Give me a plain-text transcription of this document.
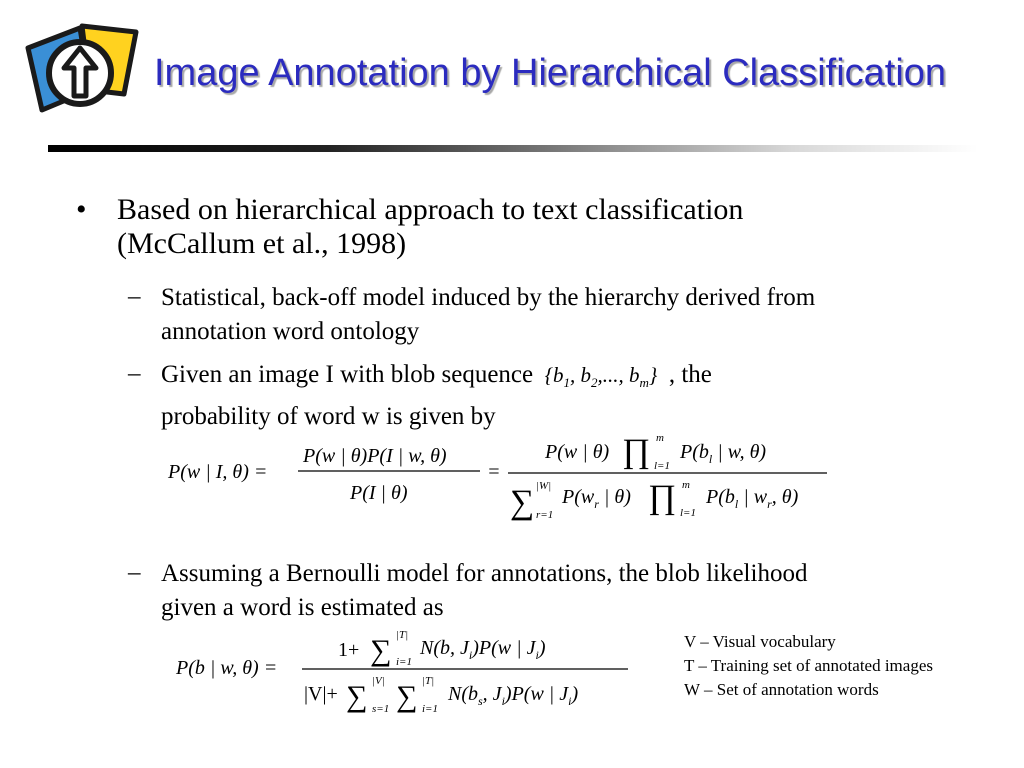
Image Annotation by Hierarchical Classification
• Based on hierarchical approach to text classification
(McCallum et al., 1998)
– Statistical, back-off model induced by the hierarchy derived from
annotation word ontology
– Given an image I with blob sequence  {$b_1$, $b_2$,..., $b_m$}  , the
probability of word w is given by
P(w | I, θ) =
P(w | θ)P(I | w, θ)
P(I | θ)
=
P(w | θ) ∏ m
l=1
$P(b_l$ | w, θ)
∑ |W|
r=1
$P(w_r$ | θ) ∏ m
l=1
$P(b_l$ | $w_r$, θ)
– Assuming a Bernoulli model for annotations, the blob likelihood
given a word is estimated as
P(b | w, θ) =
1+ ∑ |T|
i=1
N(b, $J_i)P(w$ | $J_i$)
|V|+ ∑ |V|
s=1 ∑ |T|
i=1
$N(b_s$, $J_i)P(w$ | $J_i$)
V – Visual vocabulary
T – Training set of annotated images
W – Set of annotation words
